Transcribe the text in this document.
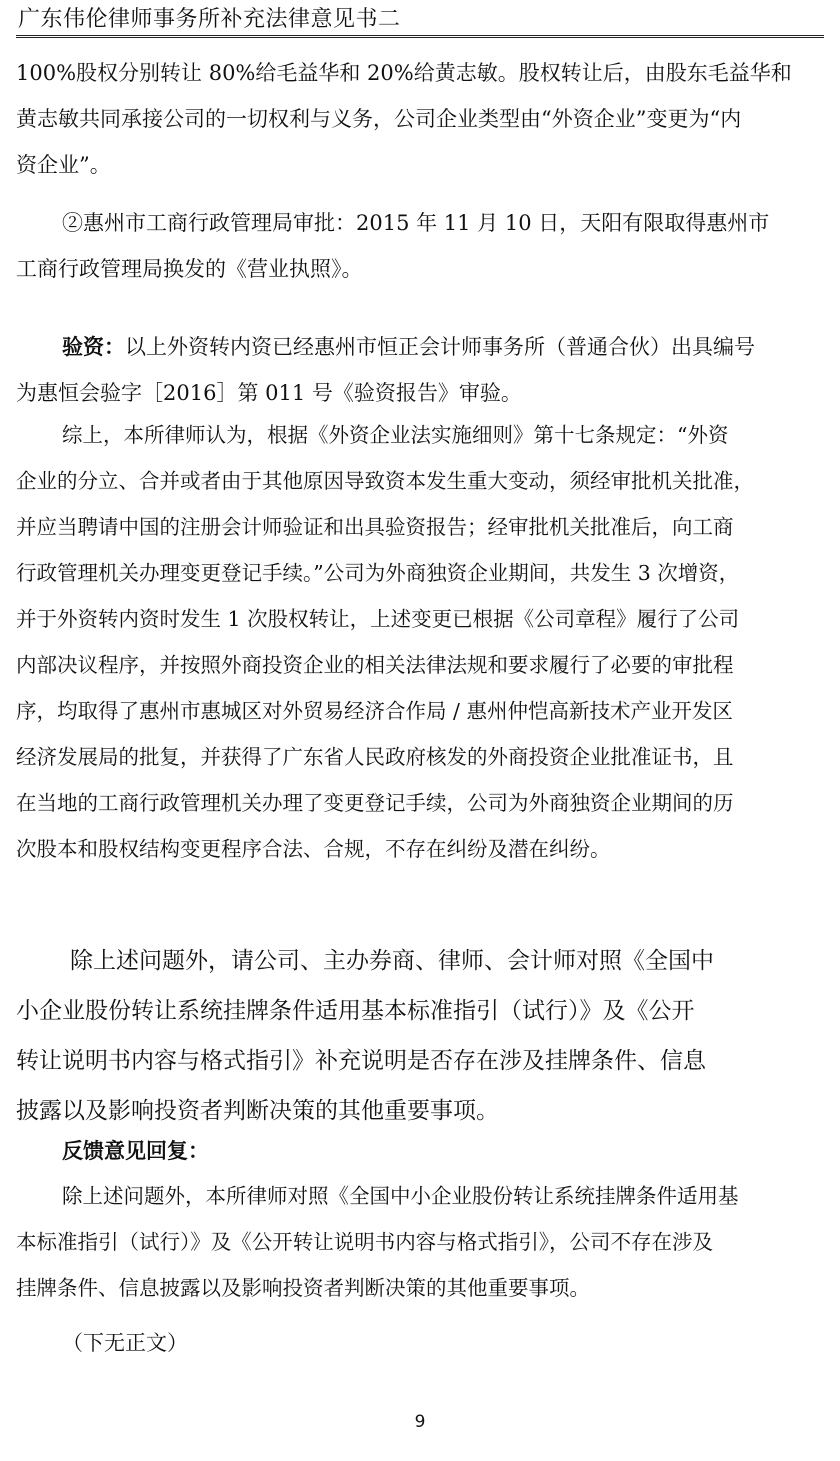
广东伟伦律师事务所补充法律意见书二
100%股权分别转让 80%给毛益华和 20%给黄志敏。股权转让后，由股东毛益华和
黄志敏共同承接公司的一切权利与义务，公司企业类型由“外资企业”变更为“内
资企业”。
②惠州市工商行政管理局审批：2015 年 11 月 10 日，天阳有限取得惠州市
工商行政管理局换发的《营业执照》。
验资：以上外资转内资已经惠州市恒正会计师事务所（普通合伙）出具编号
为惠恒会验字［2016］第 011 号《验资报告》审验。
综上，本所律师认为，根据《外资企业法实施细则》第十七条规定：“外资
企业的分立、合并或者由于其他原因导致资本发生重大变动，须经审批机关批准，
并应当聘请中国的注册会计师验证和出具验资报告；经审批机关批准后，向工商
行政管理机关办理变更登记手续。”公司为外商独资企业期间，共发生 3 次增资，
并于外资转内资时发生 1 次股权转让，上述变更已根据《公司章程》履行了公司
内部决议程序，并按照外商投资企业的相关法律法规和要求履行了必要的审批程
序，均取得了惠州市惠城区对外贸易经济合作局 / 惠州仲恺高新技术产业开发区
经济发展局的批复，并获得了广东省人民政府核发的外商投资企业批准证书，且
在当地的工商行政管理机关办理了变更登记手续，公司为外商独资企业期间的历
次股本和股权结构变更程序合法、合规，不存在纠纷及潜在纠纷。
除上述问题外，请公司、主办券商、律师、会计师对照《全国中
小企业股份转让系统挂牌条件适用基本标准指引（试行）》及《公开
转让说明书内容与格式指引》补充说明是否存在涉及挂牌条件、信息
披露以及影响投资者判断决策的其他重要事项。
反馈意见回复：
除上述问题外，本所律师对照《全国中小企业股份转让系统挂牌条件适用基
本标准指引（试行）》及《公开转让说明书内容与格式指引》，公司不存在涉及
挂牌条件、信息披露以及影响投资者判断决策的其他重要事项。
（下无正文）
9
